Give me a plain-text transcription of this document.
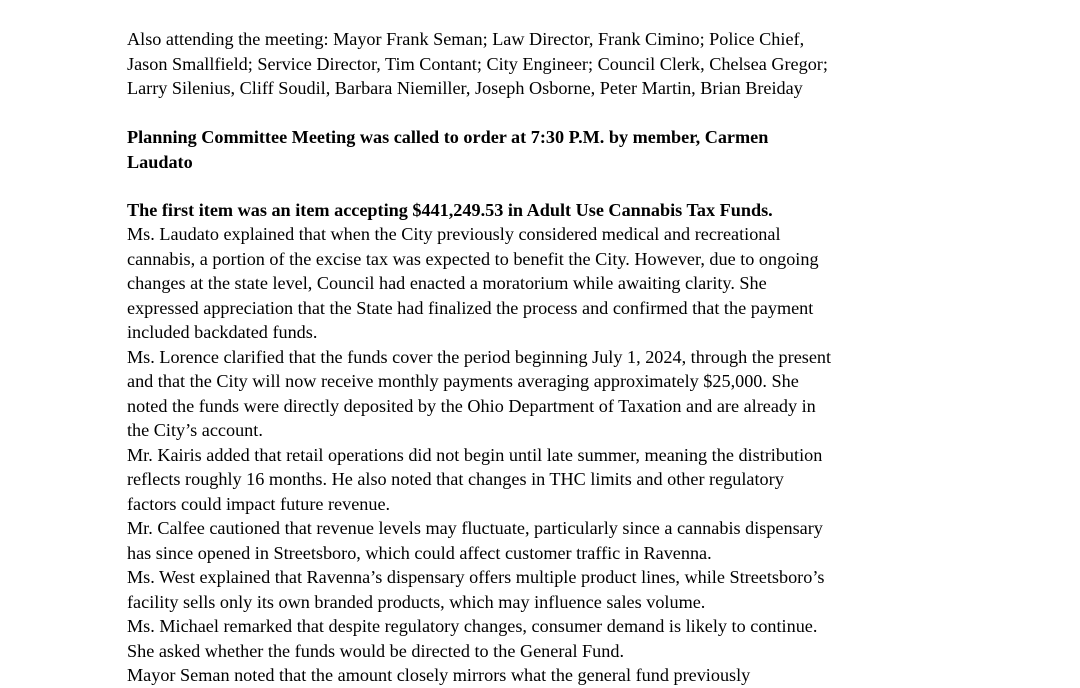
Also attending the meeting: Mayor Frank Seman; Law Director, Frank Cimino; Police Chief,
Jason Smallfield; Service Director, Tim Contant; City Engineer; Council Clerk, Chelsea Gregor;
Larry Silenius, Cliff Soudil, Barbara Niemiller, Joseph Osborne, Peter Martin, Brian Breiday
Planning Committee Meeting was called to order at 7:30 P.M. by member, Carmen
Laudato
The first item was an item accepting $441,249.53 in Adult Use Cannabis Tax Funds.
Ms. Laudato explained that when the City previously considered medical and recreational
cannabis, a portion of the excise tax was expected to benefit the City. However, due to ongoing
changes at the state level, Council had enacted a moratorium while awaiting clarity. She
expressed appreciation that the State had finalized the process and confirmed that the payment
included backdated funds.
Ms. Lorence clarified that the funds cover the period beginning July 1, 2024, through the present
and that the City will now receive monthly payments averaging approximately $25,000. She
noted the funds were directly deposited by the Ohio Department of Taxation and are already in
the City’s account.
Mr. Kairis added that retail operations did not begin until late summer, meaning the distribution
reflects roughly 16 months. He also noted that changes in THC limits and other regulatory
factors could impact future revenue.
Mr. Calfee cautioned that revenue levels may fluctuate, particularly since a cannabis dispensary
has since opened in Streetsboro, which could affect customer traffic in Ravenna.
Ms. West explained that Ravenna’s dispensary offers multiple product lines, while Streetsboro’s
facility sells only its own branded products, which may influence sales volume.
Ms. Michael remarked that despite regulatory changes, consumer demand is likely to continue.
She asked whether the funds would be directed to the General Fund.
Mayor Seman noted that the amount closely mirrors what the general fund previously
